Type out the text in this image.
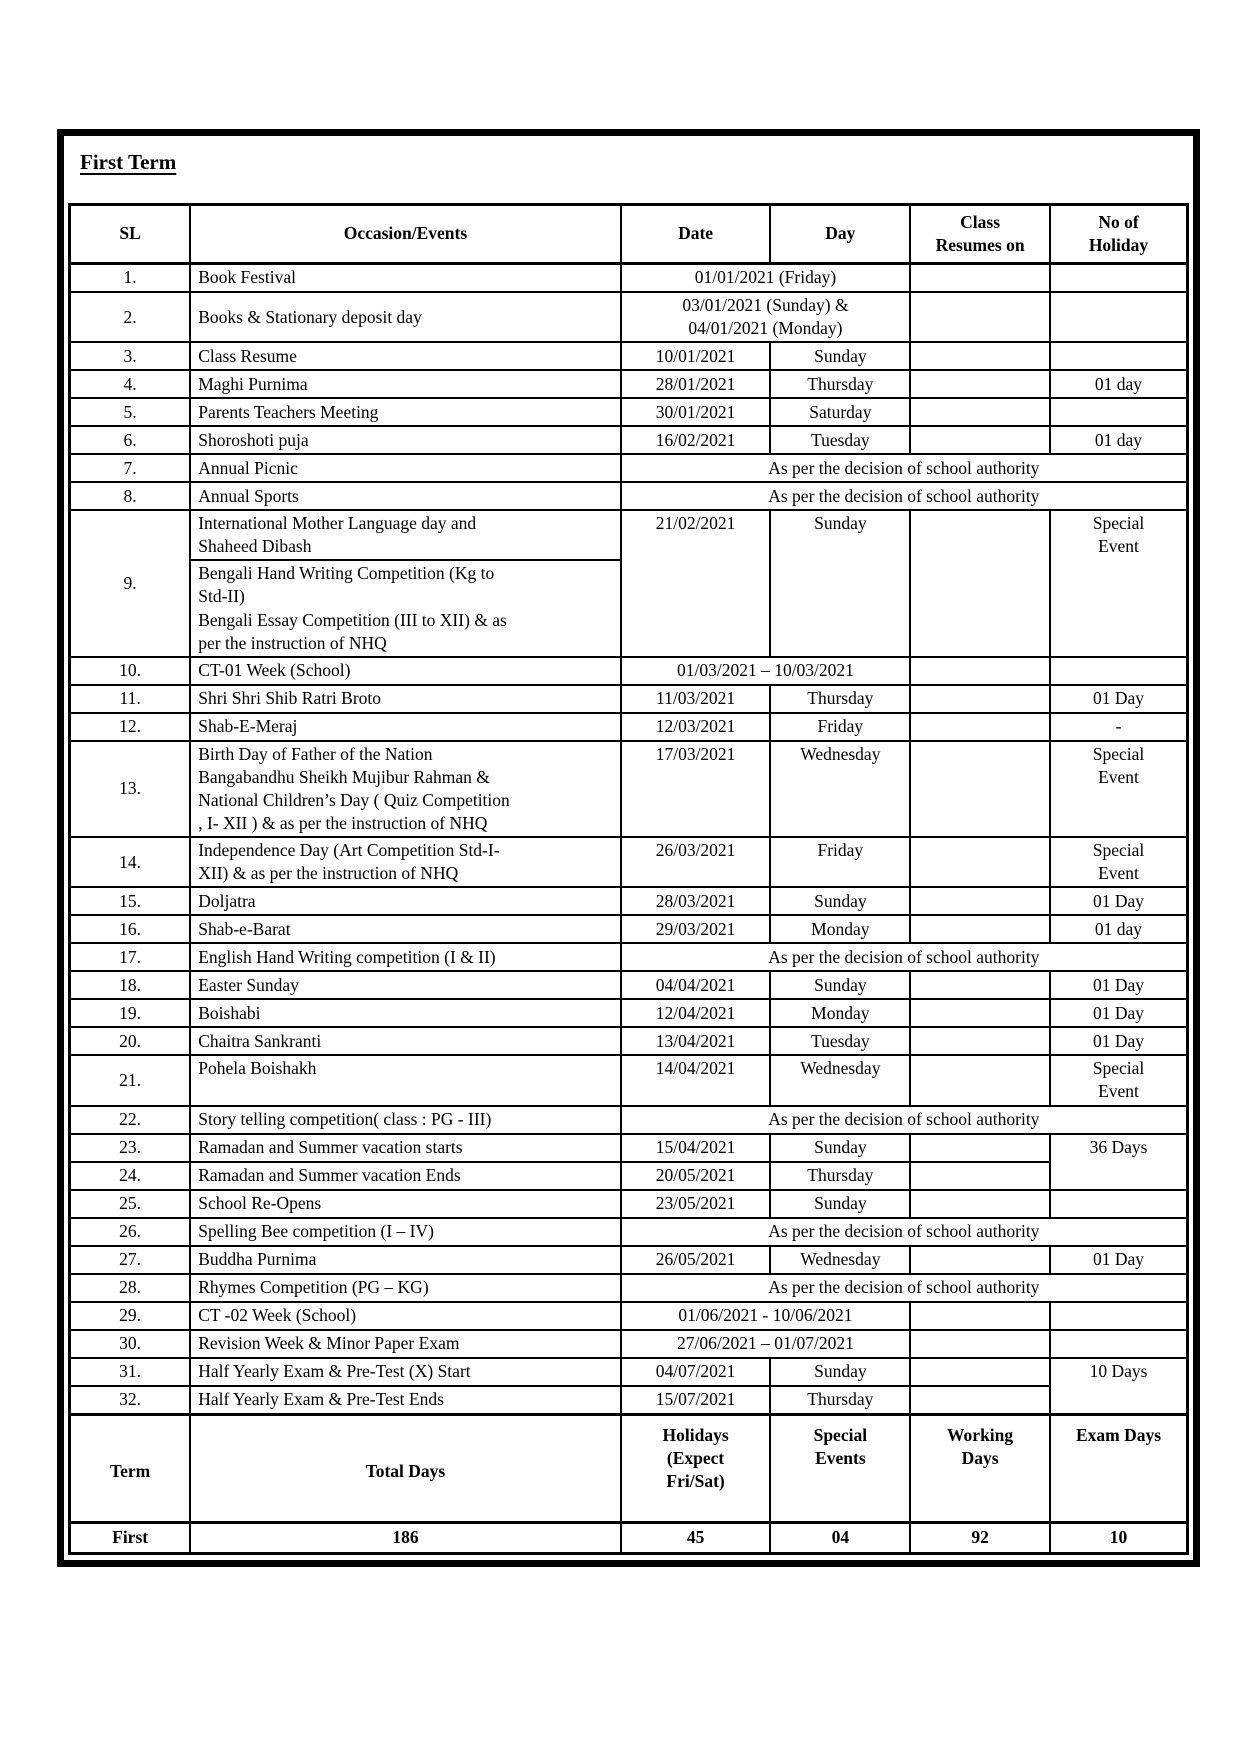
First Term
SL	Occasion/Events	Date	Day	Class
Resumes on	No of
Holiday
1.	Book Festival	01/01/2021 (Friday)			
2.	Books & Stationary deposit day	03/01/2021 (Sunday) &
04/01/2021 (Monday)			
3.	Class Resume	10/01/2021	Sunday		
4.	Maghi Purnima	28/01/2021	Thursday		01 day
5.	Parents Teachers Meeting	30/01/2021	Saturday		
6.	Shoroshoti puja	16/02/2021	Tuesday		01 day
7.	Annual Picnic	As per the decision of school authority			
8.	Annual Sports	As per the decision of school authority			
9.	International Mother Language day and
Shaheed Dibash	21/02/2021	Sunday		Special
Event
	Bengali Hand Writing Competition (Kg to
Std-II)
Bengali Essay Competition (III to XII) & as
per the instruction of NHQ				
10.	CT-01 Week (School)	01/03/2021 – 10/03/2021			
11.	Shri Shri Shib Ratri Broto	11/03/2021	Thursday		01 Day
12.	Shab-E-Meraj	12/03/2021	Friday		-
13.	Birth Day of Father of the Nation
Bangabandhu Sheikh Mujibur Rahman &
National Children’s Day ( Quiz Competition
, I- XII ) & as per the instruction of NHQ	17/03/2021	Wednesday		Special
Event
14.	Independence Day (Art Competition Std-I-
XII) & as per the instruction of NHQ	26/03/2021	Friday		Special
Event
15.	Doljatra	28/03/2021	Sunday		01 Day
16.	Shab-e-Barat	29/03/2021	Monday		01 day
17.	English Hand Writing competition (I & II)	As per the decision of school authority			
18.	Easter Sunday	04/04/2021	Sunday		01 Day
19.	Boishabi	12/04/2021	Monday		01 Day
20.	Chaitra Sankranti	13/04/2021	Tuesday		01 Day
21.	Pohela Boishakh	14/04/2021	Wednesday		Special
Event
22.	Story telling competition( class : PG - III)	As per the decision of school authority			
23.	Ramadan and Summer vacation starts	15/04/2021	Sunday		36 Days
24.	Ramadan and Summer vacation Ends	20/05/2021	Thursday		
25.	School Re-Opens	23/05/2021	Sunday		
26.	Spelling Bee competition (I – IV)	As per the decision of school authority			
27.	Buddha Purnima	26/05/2021	Wednesday		01 Day
28.	Rhymes Competition (PG – KG)	As per the decision of school authority			
29.	CT -02 Week (School)	01/06/2021 - 10/06/2021			
30.	Revision Week & Minor Paper Exam	27/06/2021 – 01/07/2021			
31.	Half Yearly Exam & Pre-Test (X) Start	04/07/2021	Sunday		10 Days
32.	Half Yearly Exam & Pre-Test Ends	15/07/2021	Thursday		
Term	Total Days	Holidays
(Expect
Fri/Sat)	Special
Events	Working
Days	Exam Days
First	186	45	04	92	10
